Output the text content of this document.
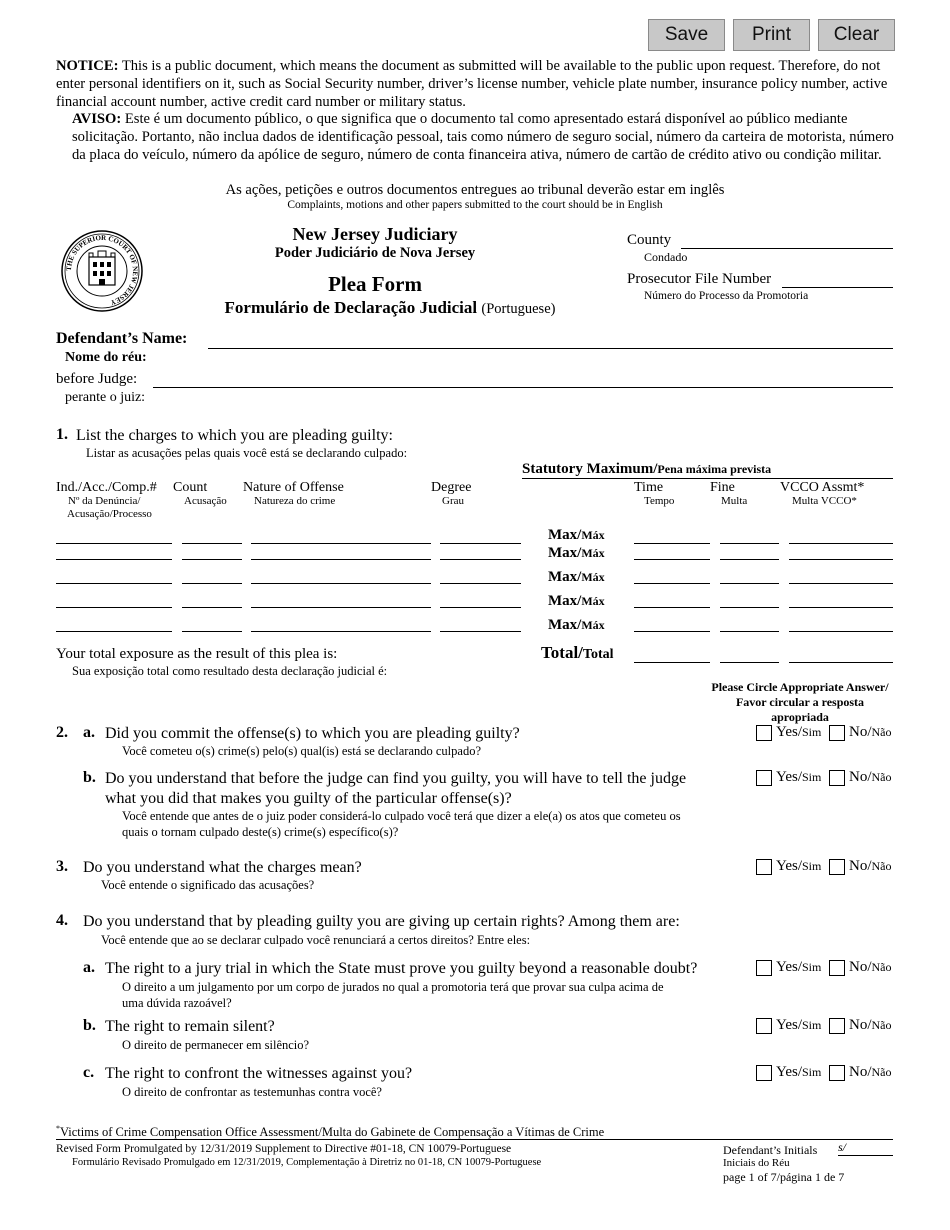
Save	Print	Clear
NOTICE: This is a public document, which means the document as submitted will be available to the public upon request. Therefore, do not enter personal identifiers on it, such as Social Security number, driver’s license number, vehicle plate number, insurance policy number, active financial account number, active credit card number or military status.
AVISO: Este é um documento público, o que significa que o documento tal como apresentado estará disponível ao público mediante solicitação. Portanto, não inclua dados de identificação pessoal, tais como número de seguro social, número da carteira de motorista, número da placa do veículo, número da apólice de seguro, número de conta financeira ativa, número de cartão de crédito ativo ou condição militar.
As ações, petições e outros documentos entregues ao tribunal deverão estar em inglês
Complaints, motions and other papers submitted to the court should be in English
THE SUPERIOR COURT OF NEW JERSEY
New Jersey Judiciary
Poder Judiciário de Nova Jersey
Plea Form
Formulário de Declaração Judicial (Portuguese)
County
Condado
Prosecutor File Number
Número do Processo da Promotoria
Defendant’s Name:
Nome do réu:
before Judge:
perante o juiz:
1. List the charges to which you are pleading guilty:
Listar as acusações pelas quais você está se declarando culpado:
Statutory Maximum/Pena máxima prevista
Ind./Acc./Comp.#
Nº da Denúncia/
Acusação/Processo
Count
Acusação
Nature of Offense
Natureza do crime
Degree
Grau
Time
Tempo
Fine
Multa
VCCO Assmt*
Multa VCCO*
Max/Máx
Max/Máx
Max/Máx
Max/Máx
Max/Máx
Your total exposure as the result of this plea is:
Sua exposição total como resultado desta declaração judicial é:
Total/Total
Please Circle Appropriate Answer/
Favor circular a resposta
apropriada
2. a. Did you commit the offense(s) to which you are pleading guilty?
Você cometeu o(s) crime(s) pelo(s) qual(is) está se declarando culpado?
b. Do you understand that before the judge can find you guilty, you will have to tell the judge
what you did that makes you guilty of the particular offense(s)?
Você entende que antes de o juiz poder considerá-lo culpado você terá que dizer a ele(a) os atos que cometeu os
quais o tornam culpado deste(s) crime(s) específico(s)?
3. Do you understand what the charges mean?
Você entende o significado das acusações?
4. Do you understand that by pleading guilty you are giving up certain rights? Among them are:
Você entende que ao se declarar culpado você renunciará a certos direitos? Entre eles:
a. The right to a jury trial in which the State must prove you guilty beyond a reasonable doubt?
O direito a um julgamento por um corpo de jurados no qual a promotoria terá que provar sua culpa acima de
uma dúvida razoável?
b. The right to remain silent?
O direito de permanecer em silêncio?
c. The right to confront the witnesses against you?
O direito de confrontar as testemunhas contra você?
Yes/Sim No/Não
Yes/Sim No/Não
Yes/Sim No/Não
Yes/Sim No/Não
Yes/Sim No/Não
Yes/Sim No/Não
*Victims of Crime Compensation Office Assessment/Multa do Gabinete de Compensação a Vítimas de Crime
Revised Form Promulgated by 12/31/2019 Supplement to Directive #01-18, CN 10079-Portuguese
Formulário Revisado Promulgado em 12/31/2019, Complementação à Diretriz no 01-18, CN 10079-Portuguese
Defendant’s Initials
Iniciais do Réu
s/
page 1 of 7/página 1 de 7
